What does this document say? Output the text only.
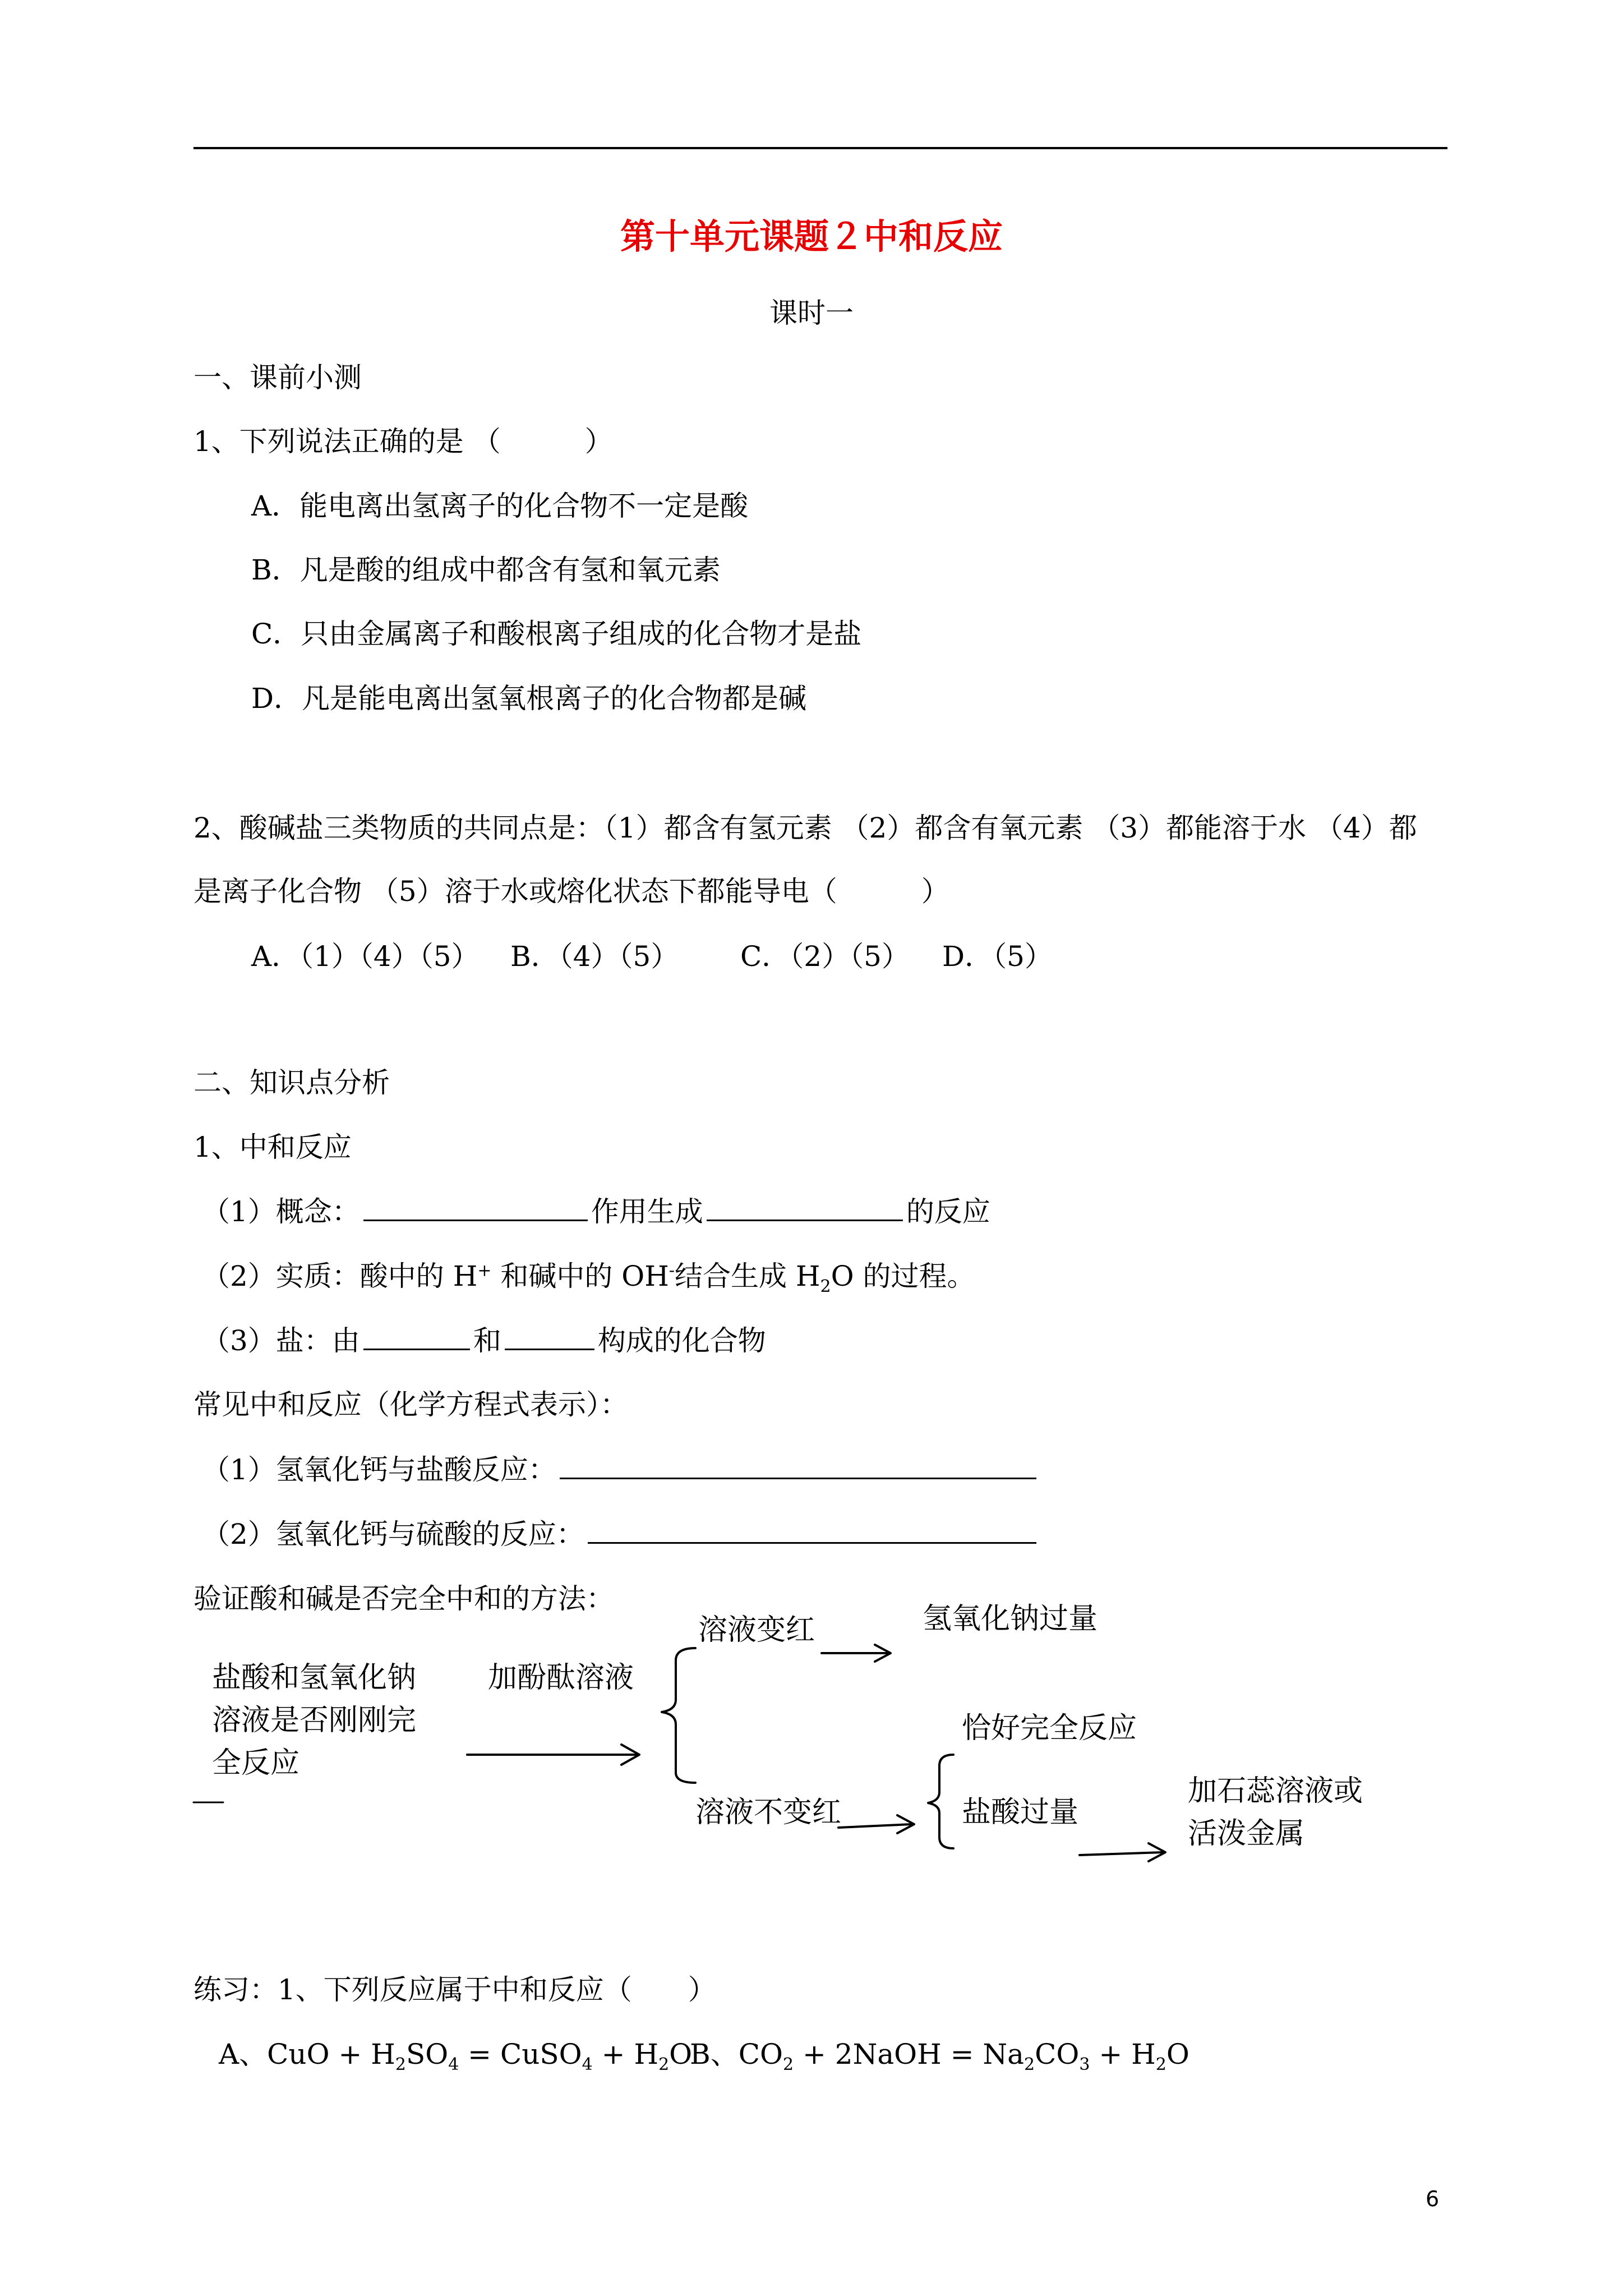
第十单元课题２中和反应
课时一
一、课前小测
1、下列说法正确的是 （　　　）
A．能电离出氢离子的化合物不一定是酸
B．凡是酸的组成中都含有氢和氧元素
C．只由金属离子和酸根离子组成的化合物才是盐
D．凡是能电离出氢氧根离子的化合物都是碱
2、酸碱盐三类物质的共同点是：（1）都含有氢元素 （2）都含有氧元素 （3）都能溶于水 （4）都
是离子化合物 （5）溶于水或熔化状态下都能导电（　　　）
A．（1）（4）（5） B．（4）（5） C．（2）（5） D．（5）
二、知识点分析
1、中和反应
（1）概念：	作用生成	的反应
（2）实质：酸中的 H+ 和碱中的 OH-结合生成 $H_2O$ 的过程。
（3）盐：由	和	构成的化合物
常见中和反应（化学方程式表示）：
（1）氢氧化钙与盐酸反应：
（2）氢氧化钙与硫酸的反应：
验证酸和碱是否完全中和的方法：
盐酸和氢氧化钠
溶液是否刚刚完
全反应
加酚酞溶液
溶液变红	氢氧化钠过量
恰好完全反应
溶液不变红	盐酸过量
加石蕊溶液或
活泼金属
练习：1、下列反应属于中和反应（　　）
A、CuO + $H_2SO_4$ = CuSO$_4$ + $H_2O$
B、$CO_2$ + 2NaOH = $Na_2CO_3 + H_2O$
6
